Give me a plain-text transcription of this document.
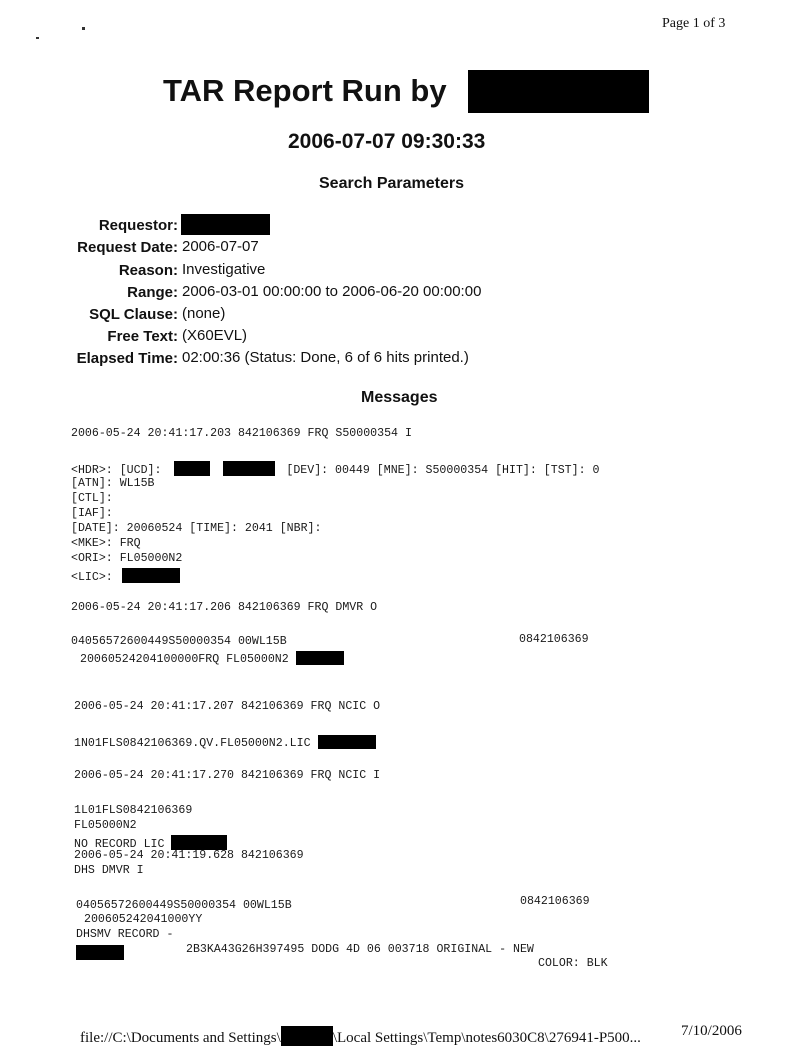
Page 1 of 3
TAR Report Run by
2006-07-07 09:30:33
Search Parameters
Requestor:
Request Date: 2006-07-07
Reason: Investigative
Range: 2006-03-01 00:00:00 to 2006-06-20 00:00:00
SQL Clause: (none)
Free Text: (X60EVL)
Elapsed Time: 02:00:36 (Status: Done, 6 of 6 hits printed.)
Messages
2006-05-24 20:41:17.203 842106369 FRQ S50000354 I
<HDR>: [UCD]:	[DEV]: 00449 [MNE]: S50000354 [HIT]: [TST]: 0
[ATN]: WL15B
[CTL]:
[IAF]:
[DATE]: 20060524 [TIME]: 2041 [NBR]:
<MKE>: FRQ
<ORI>: FL05000N2
<LIC>:
2006-05-24 20:41:17.206 842106369 FRQ DMVR O
04056572600449S50000354 00WL15B	0842106369
20060524204100000FRQ FL05000N2
2006-05-24 20:41:17.207 842106369 FRQ NCIC O
1N01FLS0842106369.QV.FL05000N2.LIC
2006-05-24 20:41:17.270 842106369 FRQ NCIC I
1L01FLS0842106369
FL05000N2
NO RECORD LIC
2006-05-24 20:41:19.628 842106369
DHS DMVR I
04056572600449S50000354 00WL15B	0842106369
200605242041000YY
DHSMV RECORD -
2B3KA43G26H397495 DODG 4D 06 003718 ORIGINAL - NEW
COLOR: BLK
file://C:\Documents and Settings\	\Local Settings\Temp\notes6030C8\276941-P500...	7/10/2006
